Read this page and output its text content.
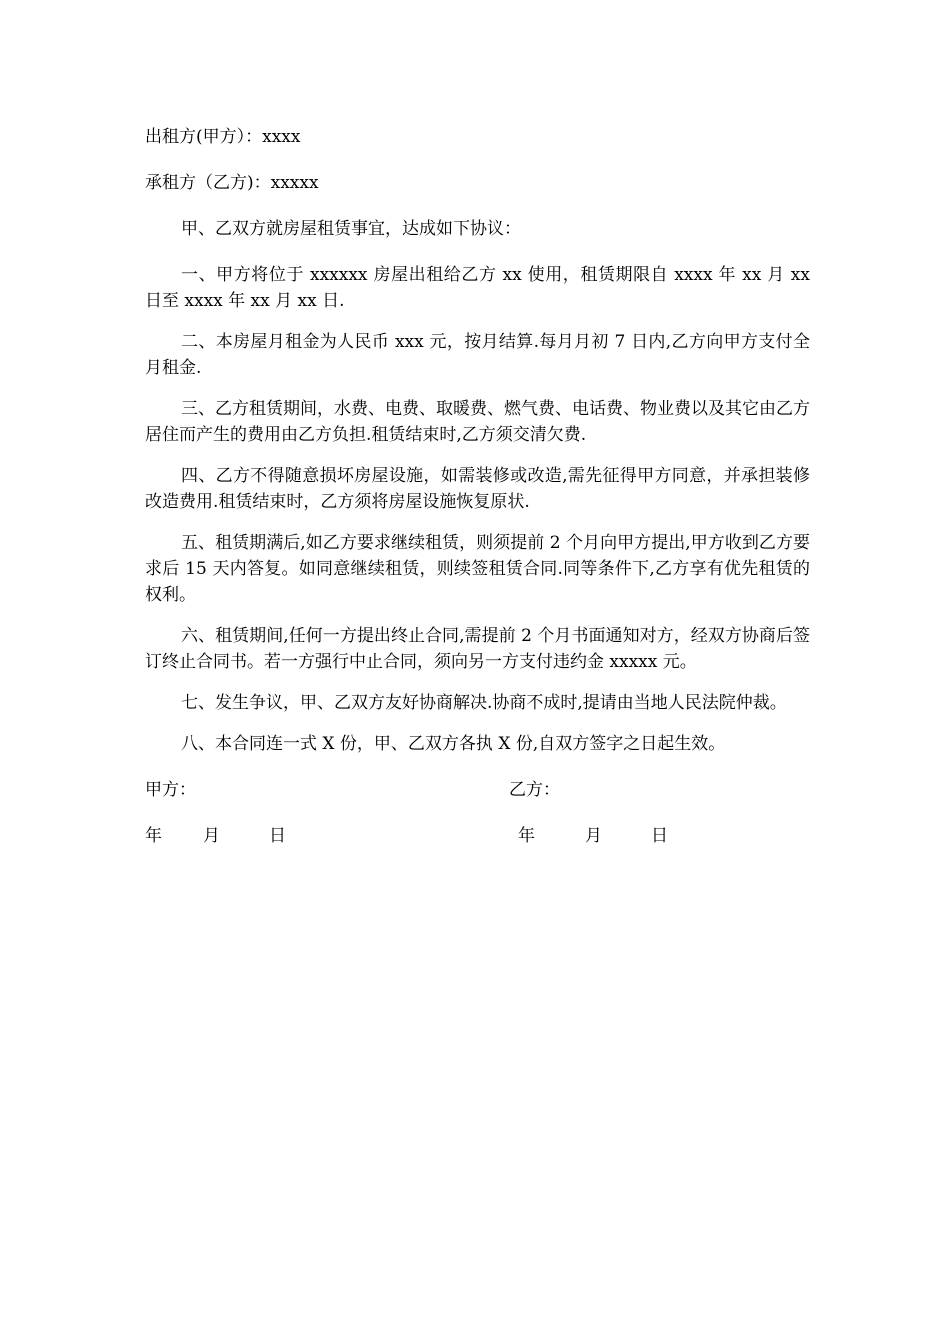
出租方(甲方）：xxxx

承租方（乙方)：xxxxx

甲、乙双方就房屋租赁事宜，达成如下协议：

一、甲方将位于 xxxxxx 房屋出租给乙方 xx 使用，租赁期限自 xxxx 年 xx 月 xx 日至 xxxx 年 xx 月 xx 日.

二、本房屋月租金为人民币 xxx 元，按月结算.每月月初 7 日内,乙方向甲方支付全月租金.

三、乙方租赁期间，水费、电费、取暖费、燃气费、电话费、物业费以及其它由乙方居住而产生的费用由乙方负担.租赁结束时,乙方须交清欠费.

四、乙方不得随意损坏房屋设施，如需装修或改造,需先征得甲方同意，并承担装修改造费用.租赁结束时，乙方须将房屋设施恢复原状.

五、租赁期满后,如乙方要求继续租赁，则须提前 2 个月向甲方提出,甲方收到乙方要求后 15 天内答复。如同意继续租赁，则续签租赁合同.同等条件下,乙方享有优先租赁的权利。

六、租赁期间,任何一方提出终止合同,需提前 2 个月书面通知对方，经双方协商后签订终止合同书。若一方强行中止合同，须向另一方支付违约金 xxxxx 元。

七、发生争议，甲、乙双方友好协商解决.协商不成时,提请由当地人民法院仲裁。

八、本合同连一式 X 份，甲、乙双方各执 X 份,自双方签字之日起生效。

甲方：	乙方：
年 月	日	年	月	日
